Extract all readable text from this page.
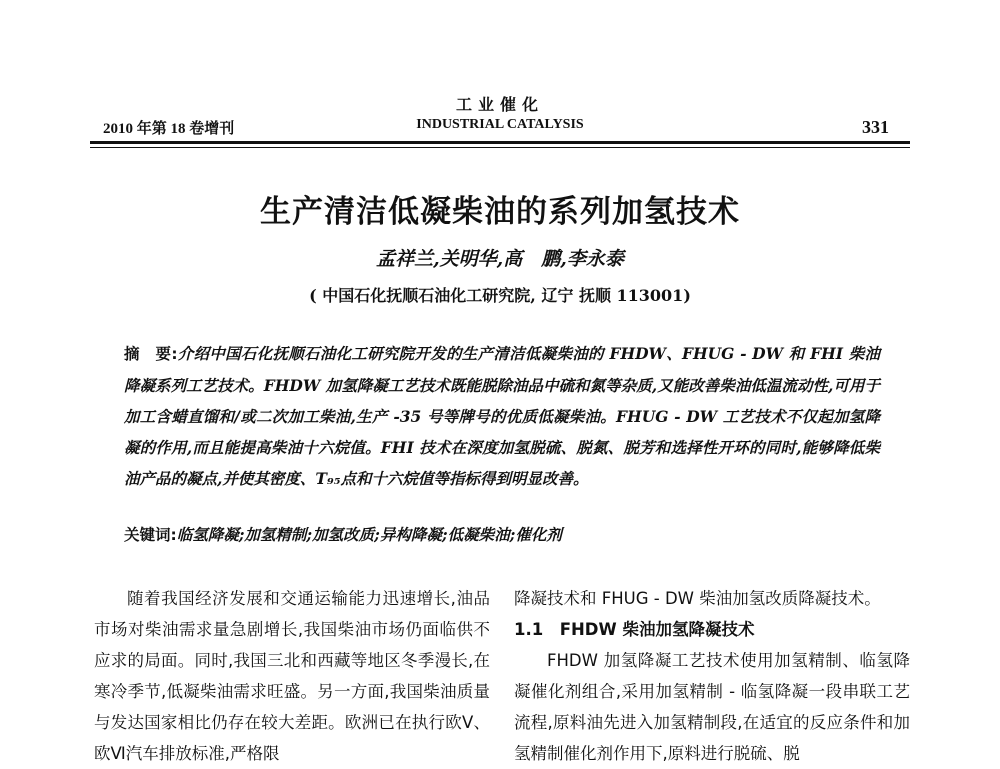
2010 年第 18 卷增刊
工业催化
INDUSTRIAL CATALYSIS	331
生产清洁低凝柴油的系列加氢技术
孟祥兰,关明华,高　鹏,李永泰
( 中国石化抚顺石油化工研究院, 辽宁 抚顺 113001)
摘　要:介绍中国石化抚顺石油化工研究院开发的生产清洁低凝柴油的 FHDW、FHUG - DW 和 FHI 柴油降凝系列工艺技术。FHDW 加氢降凝工艺技术既能脱除油品中硫和氮等杂质,又能改善柴油低温流动性,可用于加工含蜡直馏和/或二次加工柴油,生产 -35 号等牌号的优质低凝柴油。FHUG - DW 工艺技术不仅起加氢降凝的作用,而且能提高柴油十六烷值。FHI 技术在深度加氢脱硫、脱氮、脱芳和选择性开环的同时,能够降低柴油产品的凝点,并使其密度、T₉₅点和十六烷值等指标得到明显改善。
关键词:临氢降凝;加氢精制;加氢改质;异构降凝;低凝柴油;催化剂

随着我国经济发展和交通运输能力迅速增长,油品市场对柴油需求量急剧增长,我国柴油市场仍面临供不应求的局面。同时,我国三北和西藏等地区冬季漫长,在寒冷季节,低凝柴油需求旺盛。另一方面,我国柴油质量与发达国家相比仍存在较大差距。欧洲已在执行欧Ⅴ、欧Ⅵ汽车排放标准,严格限

降凝技术和 FHUG - DW 柴油加氢改质降凝技术。

1.1　FHDW 柴油加氢降凝技术

FHDW 加氢降凝工艺技术使用加氢精制、临氢降凝催化剂组合,采用加氢精制 - 临氢降凝一段串联工艺流程,原料油先进入加氢精制段,在适宜的反应条件和加氢精制催化剂作用下,原料进行脱硫、脱
